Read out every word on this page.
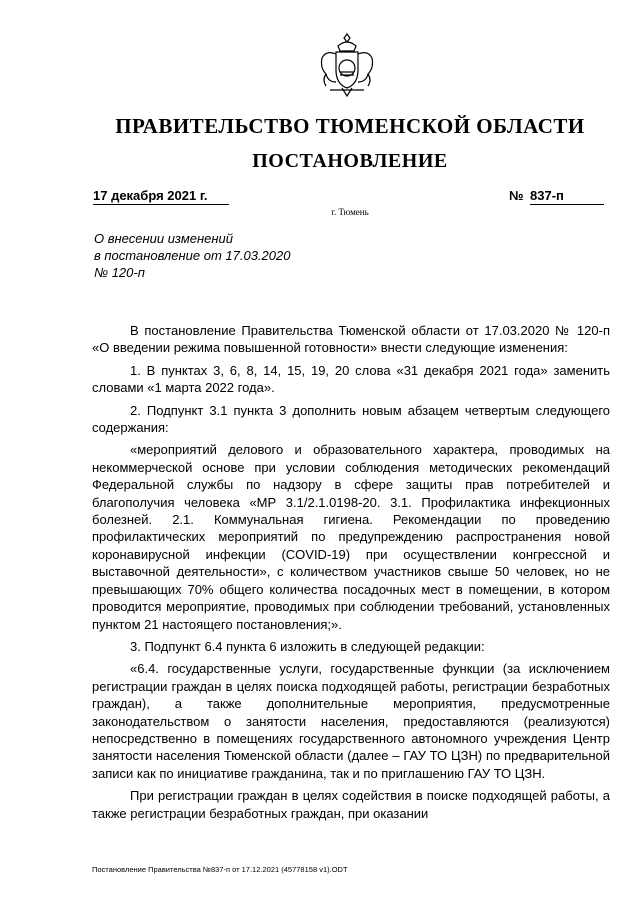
ПРАВИТЕЛЬСТВО ТЮМЕНСКОЙ ОБЛАСТИ
ПОСТАНОВЛЕНИЕ
17 декабря 2021 г.	№ 837-п
г. Тюмень
О внесении изменений
в постановление от 17.03.2020
№ 120-п

В постановление Правительства Тюменской области от 17.03.2020 № 120-п «О введении режима повышенной готовности» внести следующие изменения:

1. В пунктах 3, 6, 8, 14, 15, 19, 20 слова «31 декабря 2021 года» заменить словами «1 марта 2022 года».

2. Подпункт 3.1 пункта 3 дополнить новым абзацем четвертым следующего содержания:

«мероприятий делового и образовательного характера, проводимых на некоммерческой основе при условии соблюдения методических рекомендаций Федеральной службы по надзору в сфере защиты прав потребителей и благополучия человека «МР 3.1/2.1.0198-20. 3.1. Профилактика инфекционных болезней. 2.1. Коммунальная гигиена. Рекомендации по проведению профилактических мероприятий по предупреждению распространения новой коронавирусной инфекции (COVID-19) при осуществлении конгрессной и выставочной деятельности», с количеством участников свыше 50 человек, но не превышающих 70% общего количества посадочных мест в помещении, в котором проводится мероприятие, проводимых при соблюдении требований, установленных пунктом 21 настоящего постановления;».

3. Подпункт 6.4 пункта 6 изложить в следующей редакции:

«6.4. государственные услуги, государственные функции (за исключением регистрации граждан в целях поиска подходящей работы, регистрации безработных граждан), а также дополнительные мероприятия, предусмотренные законодательством о занятости населения, предоставляются (реализуются) непосредственно в помещениях государственного автономного учреждения Центр занятости населения Тюменской области (далее – ГАУ ТО ЦЗН) по предварительной записи как по инициативе гражданина, так и по приглашению ГАУ ТО ЦЗН.

При регистрации граждан в целях содействия в поиске подходящей работы, а также регистрации безработных граждан, при оказании

Постановление Правительства №837-п от 17.12.2021 (45778158 v1).ODT
